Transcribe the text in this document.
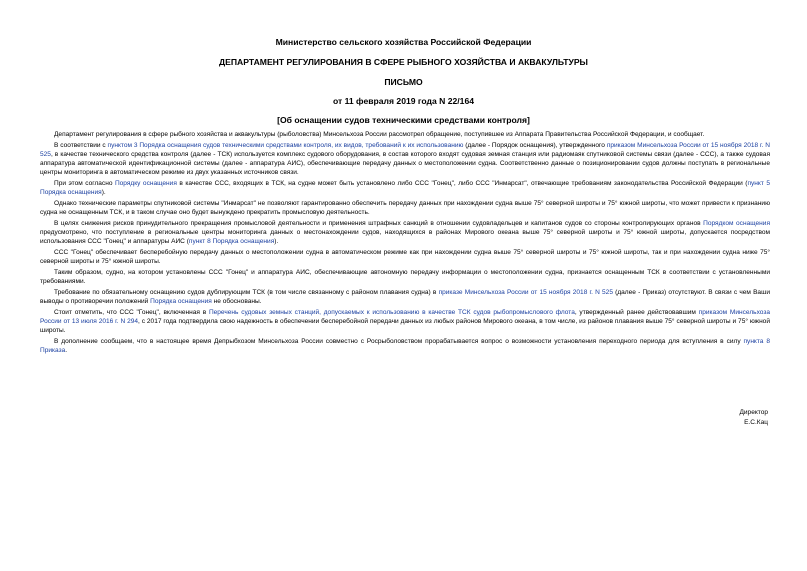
Министерство сельского хозяйства Российской Федерации
ДЕПАРТАМЕНТ РЕГУЛИРОВАНИЯ В СФЕРЕ РЫБНОГО ХОЗЯЙСТВА И АКВАКУЛЬТУРЫ
ПИСЬМО
от 11 февраля 2019 года N 22/164
[Об оснащении судов техническими средствами контроля]

Департамент регулирования в сфере рыбного хозяйства и аквакультуры (рыболовства) Минсельхоза России рассмотрел обращение, поступившее из Аппарата Правительства Российской Федерации, и сообщает.

В соответствии с пунктом 3 Порядка оснащения судов техническими средствами контроля, их видов, требований к их использованию (далее - Порядок оснащения), утвержденного приказом Минсельхоза России от 15 ноября 2018 г. N 525, в качестве технического средства контроля (далее - ТСК) используется комплекс судового оборудования, в состав которого входят судовая земная станция или радиомаяк спутниковой системы связи (далее - ССС), а также судовая аппаратура автоматической идентификационной системы (далее - аппаратура АИС), обеспечивающие передачу данных о местоположении судна. Соответственно данные о позиционировании судов должны поступать в региональные центры мониторинга в автоматическом режиме из двух указанных источников связи.

При этом согласно Порядку оснащения в качестве ССС, входящих в ТСК, на судне может быть установлено либо ССС "Гонец", либо ССС "Инмарсат", отвечающие требованиям законодательства Российской Федерации (пункт 5 Порядка оснащения).

Однако технические параметры спутниковой системы "Инмарсат" не позволяют гарантированно обеспечить передачу данных при нахождении судна выше 75° северной широты и 75° южной широты, что может привести к признанию судна не оснащенным ТСК, и в таком случае оно будет вынуждено прекратить промысловую деятельность.

В целях снижения рисков принудительного прекращения промысловой деятельности и применения штрафных санкций в отношении судовладельцев и капитанов судов со стороны контролирующих органов Порядком оснащения предусмотрено, что поступление в региональные центры мониторинга данных о местонахождении судов, находящихся в районах Мирового океана выше 75° северной широты и 75° южной широты, допускается посредством использования ССС "Гонец" и аппаратуры АИС (пункт 8 Порядка оснащения).

ССС "Гонец" обеспечивает бесперебойную передачу данных о местоположении судна в автоматическом режиме как при нахождении судна выше 75° северной широты и 75° южной широты, так и при нахождении судна ниже 75° северной широты и 75° южной широты.

Таким образом, судно, на котором установлены ССС "Гонец" и аппаратура АИС, обеспечивающие автономную передачу информации о местоположении судна, признается оснащенным ТСК в соответствии с установленными требованиями.

Требование по обязательному оснащению судов дублирующим ТСК (в том числе связанному с районом плавания судна) в приказе Минсельхоза России от 15 ноября 2018 г. N 525 (далее - Приказ) отсутствуют. В связи с чем Ваши выводы о противоречии положений Порядка оснащения не обоснованы.

Стоит отметить, что ССС "Гонец", включенная в Перечень судовых земных станций, допускаемых к использованию в качестве ТСК судов рыбопромыслового флота, утвержденный ранее действовавшим приказом Минсельхоза России от 13 июля 2016 г. N 294, с 2017 года подтвердила свою надежность в обеспечении бесперебойной передачи данных из любых районов Мирового океана, в том числе, из районов плавания выше 75° северной широты и 75° южной широты.

В дополнение сообщаем, что в настоящее время Депрыбхозом Минсельхоза России совместно с Росрыболовством прорабатывается вопрос о возможности установления переходного периода для вступления в силу пункта 8 Приказа.

Директор
Е.С.Кац
